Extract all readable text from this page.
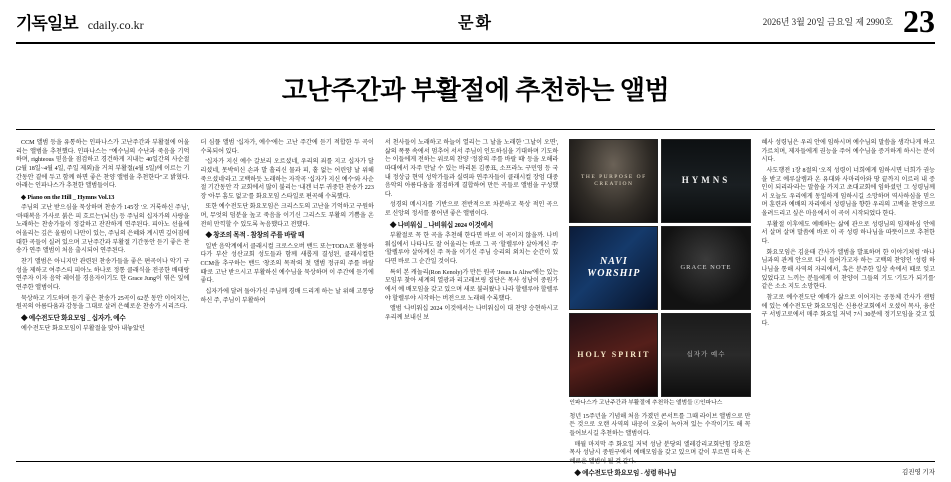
기독일보 cdaily.co.kr	문화	2026년 3월 20일 금요일 제 2990호 23
고난주간과 부활절에 추천하는 앨범

CCM 앨범 등을 유통하는 인파나스가 고난주간과 부활절에 어울리는 앨범을 추천했다. 인파나스는 "예수님의 수난과 죽음을 기억하며, righteous 믿음을 점검하고 경건하게 지내는 40일간의 사순절(2월 18일~4월 4일, 주일 제외)을 거쳐 부활절(4월 5일)에 이르는 기간동안 곁에 두고 함께 하면 좋은 찬양 앨범을 추천한다"고 밝혔다. 아래는 인파나스가 추천한 앨범들이다.

◆ Piano on the Hill _ Hymns Vol.13

주님의 고난 받으심을 묵상하며 찬송가 145장 '오 거룩하신 주님', '마태복음 가사로 붉은 피 흐르는'(뇌신) 등 주님의 십자가의 사랑을 노래하는 찬송가들이 정갈하고 잔잔하게 연주된다. 피아노 선율에 어울리는 깊은 울림이 나만이 있는, 주님의 은혜와 계시면 깊어짐에 대한 곡들이 실려 있으며 고난주간과 부활절 기간동안 듣기 좋은 찬송가 연주 앨범이 처음 출시되어 연주된다.

찬기 앨범은 아니지만 관련된 찬송가들을 좋은 편곡이나 악기 구성을 제하고 여주스티 피아노 하나로 정통 클래식을 전공한 배태랑 연주자 이자 음악 레이블 경음자이기도 한 Grace Jung이 엮은 잎에 연주한 앨범이다.

묵상하고 기도하며 듣기 좋은 찬송가 25곡이 62분 동안 이어지는, 원곡의 아름다움과 감동을 그대로 살려 은혜로운 찬송가 시리즈다.

◆ 예수전도단 화요모임 _ 십자가, 예수

예수전도단 화요모임이 부활절을 맞아 내놓았던

더 심플 앨범 '십자가, 예수'에는 고난 주간에 듣기 적합한 두 곡이 수록되어 있다.

'십자가 지신 예수 갈보리 오르셨네, 우리의 죄를 지고 십자가 달리셨네, 못박히신 손과 발 흘리신 물과 피, 홑 없는 어린양 날 위해 죽으셨네'라고 고백하듯 노래하는 자작곡 '십자가 지신 예수'와 사순절 기간동안 각 교회에서 많이 불리는 '내겐 너무 귀중한 찬송가 223장 '아무 흠도 없고'를 화요모임 스타일로 편곡해 수록했다.

또한 예수전도단 화요모임은 크리스도의 고난을 기억하고 구원하며, 무엇의 덤분을 높고 죽음을 이기신 그리스도 부활의 기쁨을 온전히 만끽할 수 있도록 녹음했다고 전했다.

◆ 창조의 목적 - 참창의 주를 바랄 때

일반 음악계에서 클래시컬 크로스오버 밴드 또는TODA로 활동하다가 부산 성산교회 성도들과 함께 새롭게 결성된, 클래시컬한 CCM을 추구하는 밴드 '창조의 목적'의 첫 앨범 정규의 주를 바랄때'로 고난 받으시고 부활하신 예수님을 묵상하며 이 주간에 듣기에 좋다.

십자가에 달려 돌아가신 주님께 경배 드리게 하는 날 위해 고통당하신 주, 주님이 부활하여

서 천사들이 노래하고 하늘이 열리는 그 날을 노래한 '그날이 오면', 삶의 폭풍 속에서 멈추어 서서 주님이 인도하심을 기대하며 기도하는 이들에게 전하는 위로의 찬양 '정잠의 주를 바랄 때' 등을 오해라 따대에서 자주 만날 수 있는 바리톤 김종표, 소프라노 구민영 등 국내 정상급 현역 성악가들과 실력파 연주자들이 클래시컬 장엄 대중음악의 아름다움을 점검하게 결합하여 만든 곡들로 앨범을 구성했다.

성경의 메시지를 기반으로 전반적으로 차분하고 묵상 적인 곡으로 신앙의 정서를 품어낸 좋은 앨범이다.

◆ 나비워십 _ 나비워십 2024 이것에서

부활절로 꼭 한 곡을 추천해 한다면 바로 이 곡이지 않을까. 나비워십에서 나타나도 잘 어울리는 바로 그 곡 '할렐루야 살아계신 주' '할렐루야 살아계신 주 독을 이기신 주님 승리의 외치는 순간이 있다면 바로 그 순간일 것이다.

특히 본 캐놀리(Ron Kenoly)가 만든 원곡 'Jesus Is Alive'에는 있는 모임부 찾아 세계의 열광과 리고래브링 집단은 목사 성남이 중원가에서 예 배모임을 갖고 있으며 새로 불러왔나 나라 할렐루야 할렐루야 할렐루야 시작하는 버전으로 노래해 수록했다.

앨범 '나비워십 2024 이것에서는 나비워십이 대 찬양 승현하시고 우리께 보내신 보

THE PURPOSE OF CREATION	HYMNS
NAVI WORSHIP
GRACE NOTE
HOLY SPIRIT	십자가 예수
인파나스가 고난주간과 부활절에 추천하는 앨범들 ⓒ인파나스

청년 15주년을 기념해 처음 가졌던 콘서트를 그때 라이브 앨범으로 만든 것으로 오랜 사역의 내공이 오롯이 녹아져 있는 수작이기도 해 꼭 들어보시길 추천하는 앨범이다.

매월 마지막 주 화요일 저녁 성남 분당의 엘레강리교회단힘 장요한 목사 성남시 중원구에서 예배모임을 갖고 있으며 같이 부르면 더욱 은혜로운 앨범이 될 것 같다.

◆ 예수전도단 화요모임 - 성령 하나님

혜사 성령님은 우리 안에 임하시며 예수님의 말씀을 생각나게 하고 가르치며, 제자들에게 권능을 주어 예수님을 증거하게 하시는 분이시다.

사도행전 1장 8절의 '오직 성령이 너희에게 임하시면 너희가 권능을 받고 예루살렘과 온 유대와 사마리아와 땅 끝까지 이르러 내 증인이 되리라'라는 말씀을 가지고 초대교회에 임하셨던 그 성령님께서 오늘도 우리에게 동일하게 임하시길 소망하며 역사하심을 믿으며 훈련과 예배의 자리에서 성령님을 향한 우리의 고백을 찬양으로 올려드리고 싶은 마음에서 이 곡이 시작되었다 한다.

부활절 이후에도 예배하는 삶에 관으로 성령님의 임재하심 안에서 살며 살며 말씀에 바로 이 곡 성령 하나님을 따뜻이으로 추천한다.

화요모임은 김윤태 간사가 엘범을 발표하며 한 이야기처럼 '하나님과의 관계 안으로 다시 들어가고자 하는 고백의 찬양인 '성령 하나님을 통해 사역의 자리에서, 혹은 분주한 일상 속에서 때로 잊고 있었다고 느끼는 분들에게 이 찬양이 그들의 기도 '기도가 되기를' 같은 소소 지도 소망한다.

참고로 예수전도단 예배가 삶으로 이어지는 공동체 간사가 샌텀에 있는 예수전도단 화요모임은 신용산교회에서 오셨어 목사, 융산구 서빙고로에서 매주 화요일 저녁 7시 30분에 정기모임을 갖고 있다.

김진영 기자
